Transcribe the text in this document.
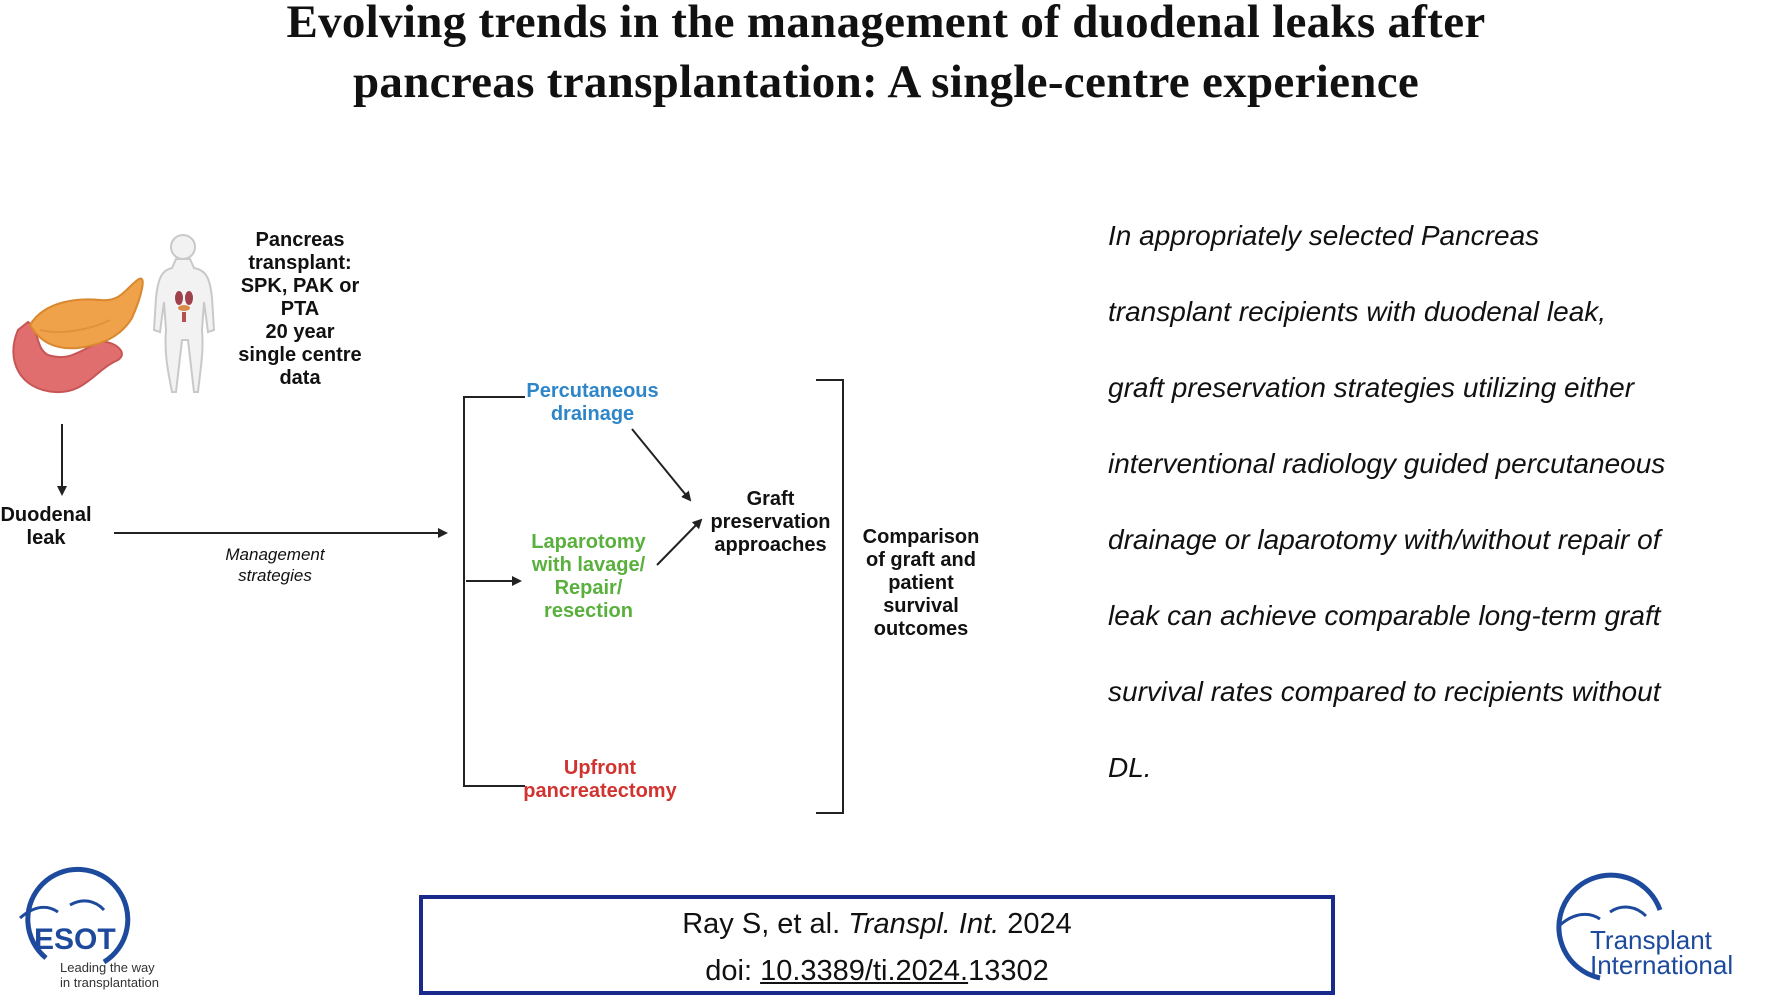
Evolving trends in the management of duodenal leaks after
pancreas transplantation: A single-centre experience
Pancreas
transplant:
SPK, PAK or
PTA
20 year
single centre
data
Duodenal
leak
Management
strategies
Percutaneous
drainage
Laparotomy
with lavage/
Repair/
resection
Upfront
pancreatectomy
Graft
preservation
approaches	Comparison
of graft and
patient
survival
outcomes
In appropriately selected Pancreas
transplant recipients with duodenal leak,
graft preservation strategies utilizing either
interventional radiology guided percutaneous
drainage or laparotomy with/without repair of
leak can achieve comparable long-term graft
survival rates compared to recipients without
DL.
Ray S, et al. Transpl. Int. 2024
doi: 10.3389/ti.2024.13302
ESOT
Leading the way
in transplantation
Transplant
International
